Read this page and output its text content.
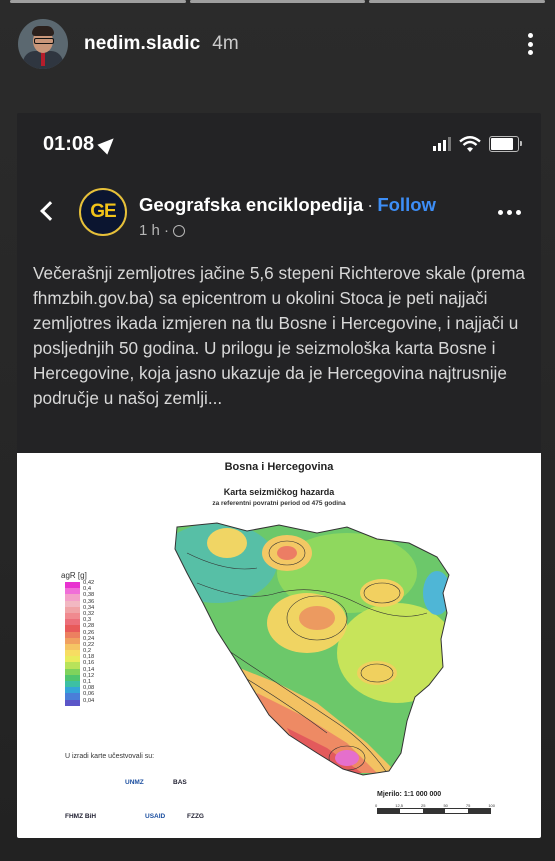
nedim.sladic 4m
01:08
GE Geografska enciklopedija · Follow
1 h ·
Večerašnji zemljotres jačine 5,6 stepeni Richterove skale (prema fhmzbih.gov.ba) sa epicentrom u okolini Stoca je peti najjači zemljotres ikada izmjeren na tlu Bosne i Hercegovine, i najjači u posljednjih 50 godina. U prilogu je seizmološka karta Bosne i Hercegovine, koja jasno ukazuje da je Hercegovina najtrusnije područje u našoj zemlji...
Bosna i Hercegovina
Karta seizmičkog hazarda
za referentni povratni period od 475 godina
agR [g]
0,42
0,4
0,38
0,36
0,34
0,32
0,3
0,28
0,26
0,24
0,22
0,2
0,18
0,16
0,14
0,12
0,1
0,08
0,06
0,04
U izradi karte učestvovali su:
UNMZ	BAS
FHMZ BiH	USAID	FZZG
Mjerilo: 1:1 000 000
0	12,5	25	50	75	100
